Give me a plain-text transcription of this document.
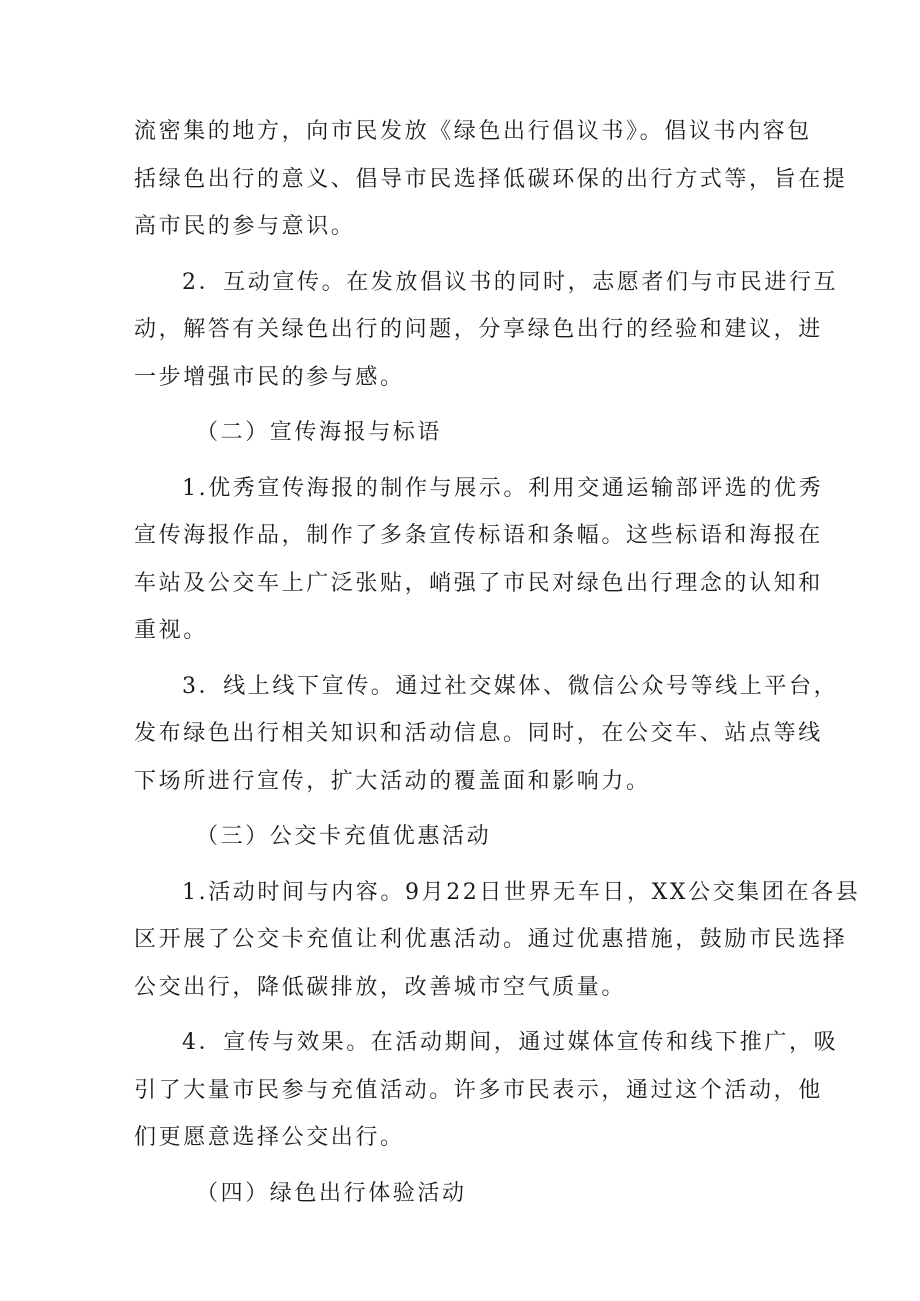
流密集的地方，向市民发放《绿色出行倡议书》。倡议书内容包
括绿色出行的意义、倡导市民选择低碳环保的出行方式等，旨在提
高市民的参与意识。
2．互动宣传。在发放倡议书的同时，志愿者们与市民进行互
动，解答有关绿色出行的问题，分享绿色出行的经验和建议，进
一步增强市民的参与感。
（二）宣传海报与标语
1.优秀宣传海报的制作与展示。利用交通运输部评选的优秀
宣传海报作品，制作了多条宣传标语和条幅。这些标语和海报在
车站及公交车上广泛张贴，峭强了市民对绿色出行理念的认知和
重视。
3．线上线下宣传。通过社交媒体、微信公众号等线上平台，
发布绿色出行相关知识和活动信息。同时，在公交车、站点等线
下场所进行宣传，扩大活动的覆盖面和影响力。
（三）公交卡充值优惠活动
1.活动时间与内容。9月22日世界无车日，XX公交集团在各县
区开展了公交卡充值让利优惠活动。通过优惠措施，鼓励市民选择
公交出行，降低碳排放，改善城市空气质量。
4．宣传与效果。在活动期间，通过媒体宣传和线下推广，吸
引了大量市民参与充值活动。许多市民表示，通过这个活动，他
们更愿意选择公交出行。
（四）绿色出行体验活动
